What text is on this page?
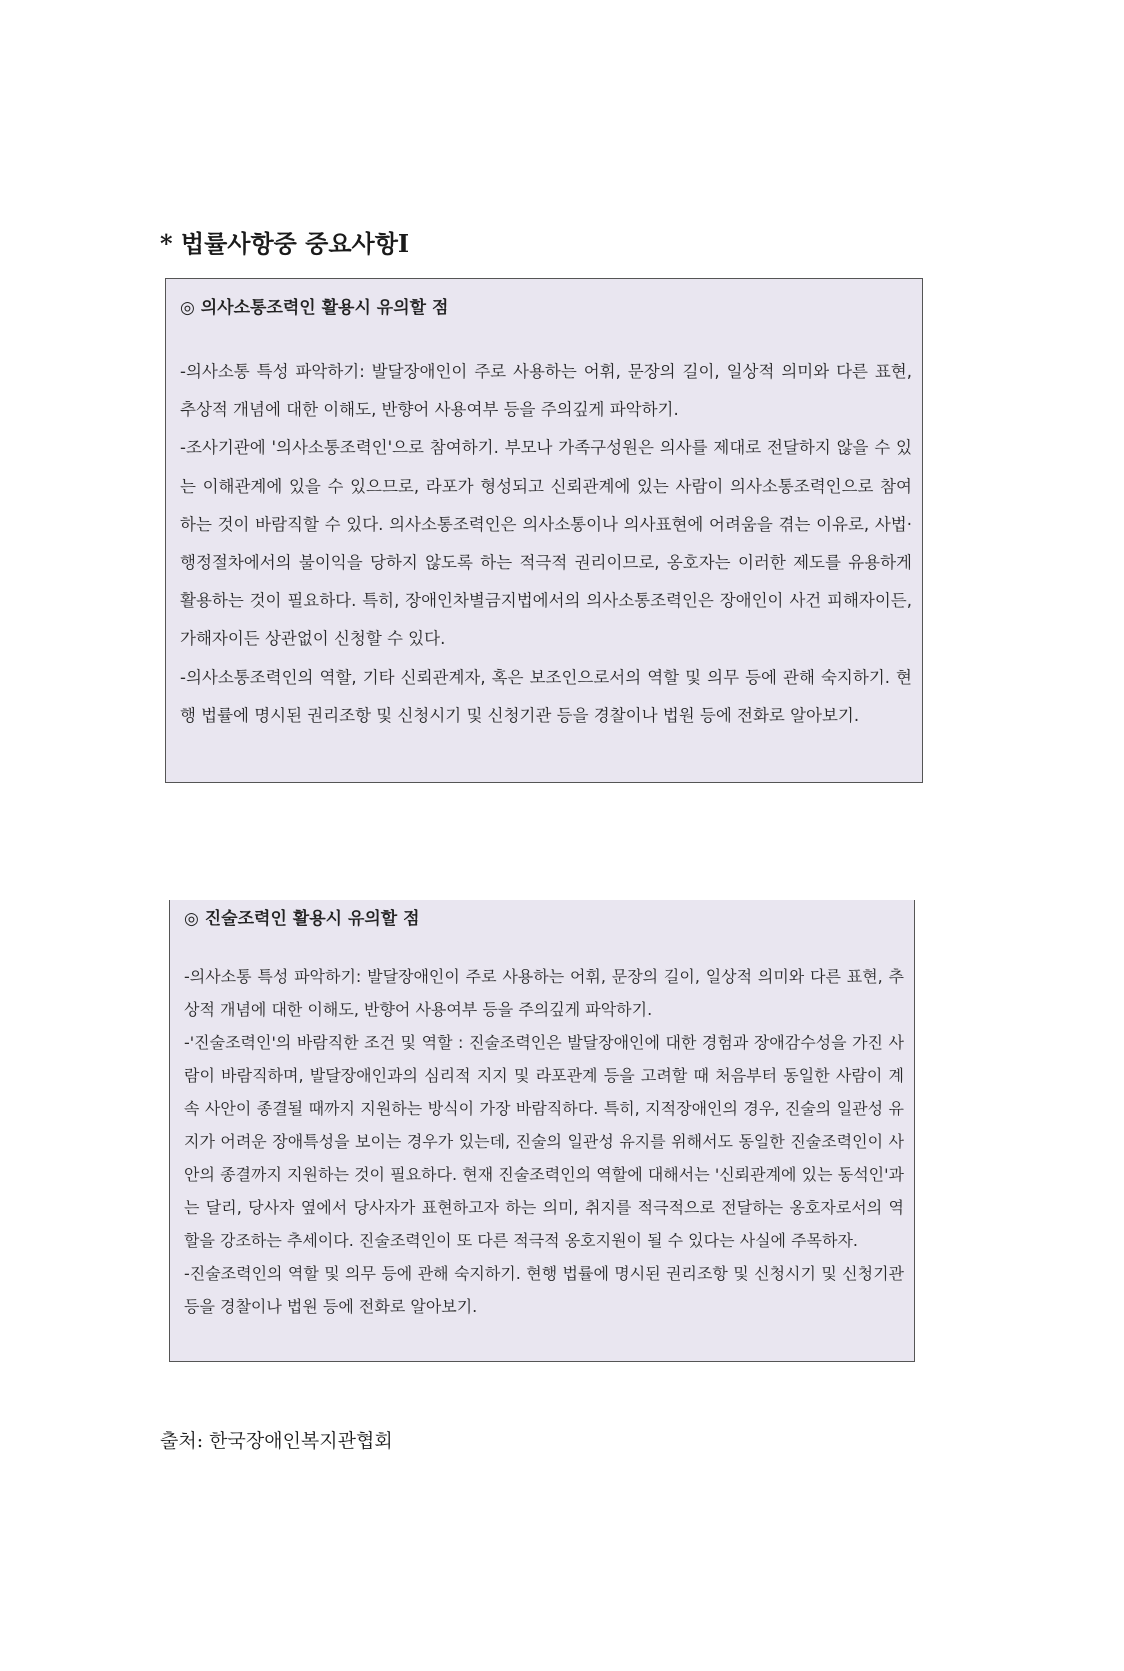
* 법률사항중 중요사항Ⅰ
◎ 의사소통조력인 활용시 유의할 점

-의사소통 특성 파악하기: 발달장애인이 주로 사용하는 어휘, 문장의 길이, 일상적 의미와 다른 표현, 추상적 개념에 대한 이해도, 반향어 사용여부 등을 주의깊게 파악하기.

-조사기관에 '의사소통조력인'으로 참여하기. 부모나 가족구성원은 의사를 제대로 전달하지 않을 수 있는 이해관계에 있을 수 있으므로, 라포가 형성되고 신뢰관계에 있는 사람이 의사소통조력인으로 참여하는 것이 바람직할 수 있다. 의사소통조력인은 의사소통이나 의사표현에 어려움을 겪는 이유로, 사법·행정절차에서의 불이익을 당하지 않도록 하는 적극적 권리이므로, 옹호자는 이러한 제도를 유용하게 활용하는 것이 필요하다. 특히, 장애인차별금지법에서의 의사소통조력인은 장애인이 사건 피해자이든, 가해자이든 상관없이 신청할 수 있다.

-의사소통조력인의 역할, 기타 신뢰관계자, 혹은 보조인으로서의 역할 및 의무 등에 관해 숙지하기. 현행 법률에 명시된 권리조항 및 신청시기 및 신청기관 등을 경찰이나 법원 등에 전화로 알아보기.

◎ 진술조력인 활용시 유의할 점

-의사소통 특성 파악하기: 발달장애인이 주로 사용하는 어휘, 문장의 길이, 일상적 의미와 다른 표현, 추상적 개념에 대한 이해도, 반향어 사용여부 등을 주의깊게 파악하기.

-'진술조력인'의 바람직한 조건 및 역할 : 진술조력인은 발달장애인에 대한 경험과 장애감수성을 가진 사람이 바람직하며, 발달장애인과의 심리적 지지 및 라포관계 등을 고려할 때 처음부터 동일한 사람이 계속 사안이 종결될 때까지 지원하는 방식이 가장 바람직하다. 특히, 지적장애인의 경우, 진술의 일관성 유지가 어려운 장애특성을 보이는 경우가 있는데, 진술의 일관성 유지를 위해서도 동일한 진술조력인이 사안의 종결까지 지원하는 것이 필요하다. 현재 진술조력인의 역할에 대해서는 '신뢰관계에 있는 동석인'과는 달리, 당사자 옆에서 당사자가 표현하고자 하는 의미, 취지를 적극적으로 전달하는 옹호자로서의 역할을 강조하는 추세이다. 진술조력인이 또 다른 적극적 옹호지원이 될 수 있다는 사실에 주목하자.

-진술조력인의 역할 및 의무 등에 관해 숙지하기. 현행 법률에 명시된 권리조항 및 신청시기 및 신청기관 등을 경찰이나 법원 등에 전화로 알아보기.

출처: 한국장애인복지관협회
